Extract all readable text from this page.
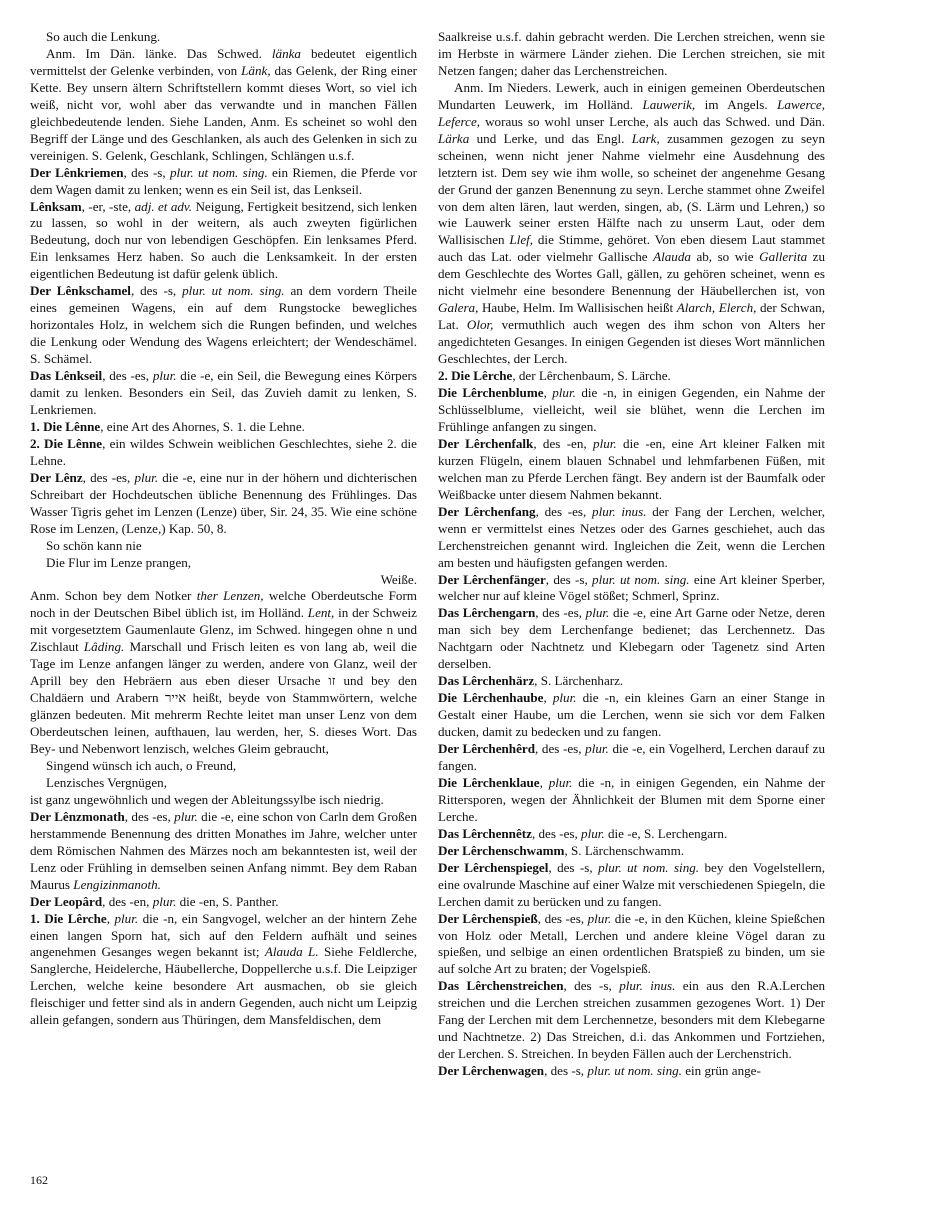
So auch die Lenkung.

Anm. Im Dän. länke. Das Schwed. länka bedeutet eigentlich vermittelst der Gelenke verbinden, von Länk, das Gelenk, der Ring einer Kette. Bey unsern ältern Schriftstellern kommt dieses Wort, so viel ich weiß, nicht vor, wohl aber das verwandte und in manchen Fällen gleichbedeutende lenden. Siehe Landen, Anm. Es scheinet so wohl den Begriff der Länge und des Geschlanken, als auch des Gelenken in sich zu vereinigen. S. Gelenk, Geschlank, Schlingen, Schlängen u.s.f.

Der Lênkriemen, des -s, plur. ut nom. sing. ein Riemen, die Pferde vor dem Wagen damit zu lenken; wenn es ein Seil ist, das Lenkseil.

Lênksam, -er, -ste, adj. et adv. Neigung, Fertigkeit besitzend, sich lenken zu lassen, so wohl in der weitern, als auch zweyten figürlichen Bedeutung, doch nur von lebendigen Geschöpfen. Ein lenksames Pferd. Ein lenksames Herz haben. So auch die Lenksamkeit. In der ersten eigentlichen Bedeutung ist dafür gelenk üblich.

Der Lênkschamel, des -s, plur. ut nom. sing. an dem vordern Theile eines gemeinen Wagens, ein auf dem Rungstocke bewegliches horizontales Holz, in welchem sich die Rungen befinden, und welches die Lenkung oder Wendung des Wagens erleichtert; der Wendeschämel. S. Schämel.

Das Lênkseil, des -es, plur. die -e, ein Seil, die Bewegung eines Körpers damit zu lenken. Besonders ein Seil, das Zuvieh damit zu lenken, S. Lenkriemen.

1. Die Lênne, eine Art des Ahornes, S. 1. die Lehne.

2. Die Lênne, ein wildes Schwein weiblichen Geschlechtes, siehe 2. die Lehne.

Der Lênz, des -es, plur. die -e, eine nur in der höhern und dichterischen Schreibart der Hochdeutschen übliche Benennung des Frühlinges. Das Wasser Tigris gehet im Lenzen (Lenze) über, Sir. 24, 35. Wie eine schöne Rose im Lenzen, (Lenze,) Kap. 50, 8.

So schön kann nie

Die Flur im Lenze prangen,

Weiße.

Anm. Schon bey dem Notker ther Lenzen, welche Oberdeutsche Form noch in der Deutschen Bibel üblich ist, im Holländ. Lent, in der Schweiz mit vorgesetztem Gaumenlaute Glenz, im Schwed. hingegen ohne n und Zischlaut Lâding. Marschall und Frisch leiten es von lang ab, weil die Tage im Lenze anfangen länger zu werden, andere von Glanz, weil der Aprill bey den Hebräern aus eben dieser Ursache זו und bey den Chaldäern und Arabern אייר heißt, beyde von Stammwörtern, welche glänzen bedeuten. Mit mehrerm Rechte leitet man unser Lenz von dem Oberdeutschen leinen, aufthauen, lau werden, her, S. dieses Wort. Das Bey- und Nebenwort lenzisch, welches Gleim gebraucht,

Singend wünsch ich auch, o Freund,

Lenzisches Vergnügen,

ist ganz ungewöhnlich und wegen der Ableitungssylbe isch niedrig.

Der Lênzmonath, des -es, plur. die -e, eine schon von Carln dem Großen herstammende Benennung des dritten Monathes im Jahre, welcher unter dem Römischen Nahmen des Märzes noch am bekanntesten ist, weil der Lenz oder Frühling in demselben seinen Anfang nimmt. Bey dem Raban Maurus Lengizinmanoth.

Der Leopârd, des -en, plur. die -en, S. Panther.

1. Die Lêrche, plur. die -n, ein Sangvogel, welcher an der hintern Zehe einen langen Sporn hat, sich auf den Feldern aufhält und seines angenehmen Gesanges wegen bekannt ist; Alauda L. Siehe Feldlerche, Sanglerche, Heidelerche, Häubellerche, Doppellerche u.s.f. Die Leipziger Lerchen, welche keine besondere Art ausmachen, ob sie gleich fleischiger und fetter sind als in andern Gegenden, auch nicht um Leipzig allein gefangen, sondern aus Thüringen, dem Mansfeldischen, dem

Saalkreise u.s.f. dahin gebracht werden. Die Lerchen streichen, wenn sie im Herbste in wärmere Länder ziehen. Die Lerchen streichen, sie mit Netzen fangen; daher das Lerchenstreichen.

Anm. Im Nieders. Lewerk, auch in einigen gemeinen Oberdeutschen Mundarten Leuwerk, im Holländ. Lauwerik, im Angels. Lawerce, Leferce, woraus so wohl unser Lerche, als auch das Schwed. und Dän. Lärka und Lerke, und das Engl. Lark, zusammen gezogen zu seyn scheinen, wenn nicht jener Nahme vielmehr eine Ausdehnung des letztern ist. Dem sey wie ihm wolle, so scheinet der angenehme Gesang der Grund der ganzen Benennung zu seyn. Lerche stammet ohne Zweifel von dem alten lären, laut werden, singen, ab, (S. Lärm und Lehren,) so wie Lauwerk seiner ersten Hälfte nach zu unserm Laut, oder dem Wallisischen Llef, die Stimme, gehöret. Von eben diesem Laut stammet auch das Lat. oder vielmehr Gallische Alauda ab, so wie Gallerita zu dem Geschlechte des Wortes Gall, gällen, zu gehören scheinet, wenn es nicht vielmehr eine besondere Benennung der Häubellerchen ist, von Galera, Haube, Helm. Im Wallisischen heißt Alarch, Elerch, der Schwan, Lat. Olor, vermuthlich auch wegen des ihm schon von Alters her angedichteten Gesanges. In einigen Gegenden ist dieses Wort männlichen Geschlechtes, der Lerch.

2. Die Lêrche, der Lêrchenbaum, S. Lärche.

Die Lêrchenblume, plur. die -n, in einigen Gegenden, ein Nahme der Schlüsselblume, vielleicht, weil sie blühet, wenn die Lerchen im Frühlinge anfangen zu singen.

Der Lêrchenfalk, des -en, plur. die -en, eine Art kleiner Falken mit kurzen Flügeln, einem blauen Schnabel und lehmfarbenen Füßen, mit welchen man zu Pferde Lerchen fängt. Bey andern ist der Baumfalk oder Weißbacke unter diesem Nahmen bekannt.

Der Lêrchenfang, des -es, plur. inus. der Fang der Lerchen, welcher, wenn er vermittelst eines Netzes oder des Garnes geschiehet, auch das Lerchenstreichen genannt wird. Ingleichen die Zeit, wenn die Lerchen am besten und häufigsten gefangen werden.

Der Lêrchenfänger, des -s, plur. ut nom. sing. eine Art kleiner Sperber, welcher nur auf kleine Vögel stößet; Schmerl, Sprinz.

Das Lêrchengarn, des -es, plur. die -e, eine Art Garne oder Netze, deren man sich bey dem Lerchenfange bedienet; das Lerchennetz. Das Nachtgarn oder Nachtnetz und Klebegarn oder Tagenetz sind Arten derselben.

Das Lêrchenhärz, S. Lärchenharz.

Die Lêrchenhaube, plur. die -n, ein kleines Garn an einer Stange in Gestalt einer Haube, um die Lerchen, wenn sie sich vor dem Falken ducken, damit zu bedecken und zu fangen.

Der Lêrchenhêrd, des -es, plur. die -e, ein Vogelherd, Lerchen darauf zu fangen.

Die Lêrchenklaue, plur. die -n, in einigen Gegenden, ein Nahme der Rittersporen, wegen der Ähnlichkeit der Blumen mit dem Sporne einer Lerche.

Das Lêrchennêtz, des -es, plur. die -e, S. Lerchengarn.

Der Lêrchenschwamm, S. Lärchenschwamm.

Der Lêrchenspiegel, des -s, plur. ut nom. sing. bey den Vogelstellern, eine ovalrunde Maschine auf einer Walze mit verschiedenen Spiegeln, die Lerchen damit zu berücken und zu fangen.

Der Lêrchenspieß, des -es, plur. die -e, in den Küchen, kleine Spießchen von Holz oder Metall, Lerchen und andere kleine Vögel daran zu spießen, und selbige an einen ordentlichen Bratspieß zu binden, um sie auf solche Art zu braten; der Vogelspieß.

Das Lêrchenstreichen, des -s, plur. inus. ein aus den R.A.Lerchen streichen und die Lerchen streichen zusammen gezogenes Wort. 1) Der Fang der Lerchen mit dem Lerchennetze, besonders mit dem Klebegarne und Nachtnetze. 2) Das Streichen, d.i. das Ankommen und Fortziehen, der Lerchen. S. Streichen. In beyden Fällen auch der Lerchenstrich.

Der Lêrchenwagen, des -s, plur. ut nom. sing. ein grün ange-

162
